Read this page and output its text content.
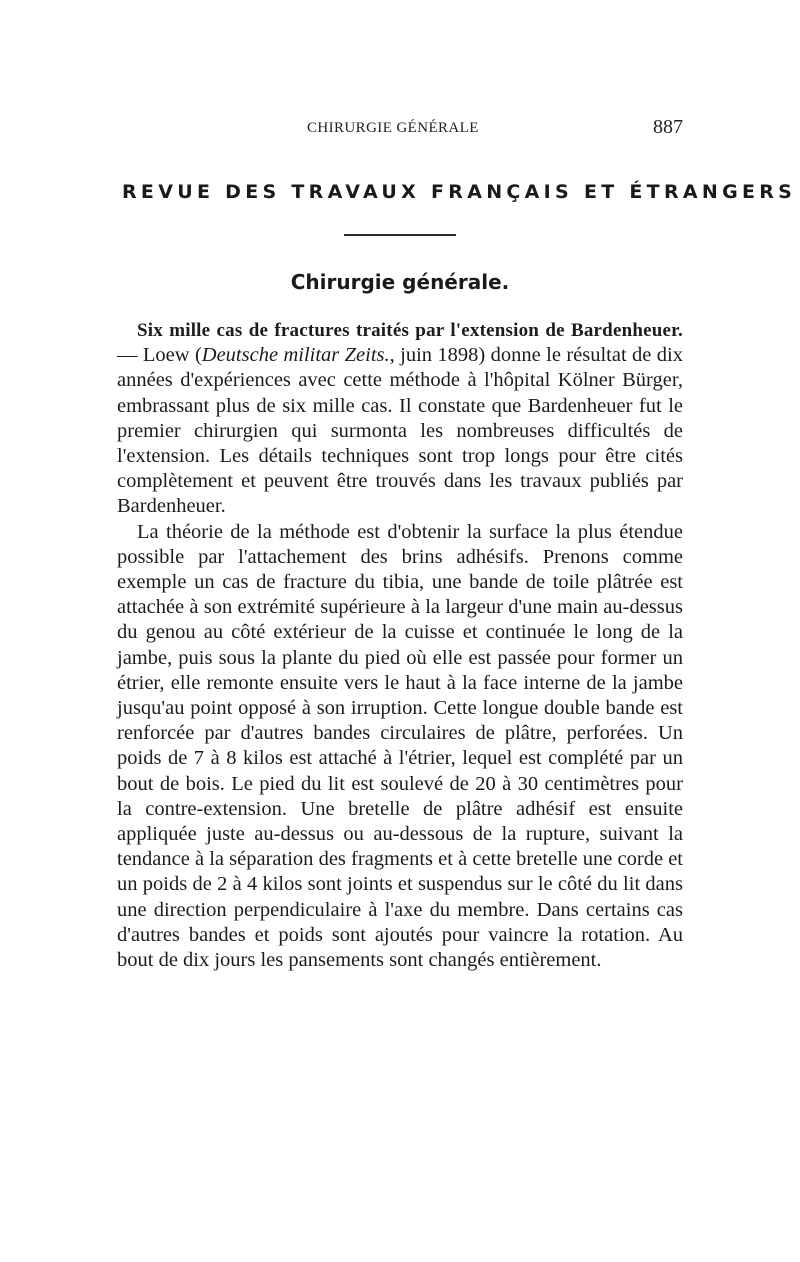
CHIRURGIE GÉNÉRALE	887
REVUE DES TRAVAUX FRANÇAIS ET ÉTRANGERS
Chirurgie générale.

Six mille cas de fractures traités par l'extension de Bardenheuer. — Loew (Deutsche militar Zeits., juin 1898) donne le résultat de dix années d'expériences avec cette méthode à l'hôpital Kölner Bürger, embrassant plus de six mille cas. Il constate que Bardenheuer fut le premier chirurgien qui surmonta les nombreuses difficultés de l'extension. Les détails techniques sont trop longs pour être cités complètement et peuvent être trouvés dans les travaux publiés par Bardenheuer.

La théorie de la méthode est d'obtenir la surface la plus étendue possible par l'attachement des brins adhésifs. Prenons comme exemple un cas de fracture du tibia, une bande de toile plâtrée est attachée à son extrémité supérieure à la largeur d'une main au-dessus du genou au côté extérieur de la cuisse et continuée le long de la jambe, puis sous la plante du pied où elle est passée pour former un étrier, elle remonte ensuite vers le haut à la face interne de la jambe jusqu'au point opposé à son irruption. Cette longue double bande est renforcée par d'autres bandes circulaires de plâtre, perforées. Un poids de 7 à 8 kilos est attaché à l'étrier, lequel est complété par un bout de bois. Le pied du lit est soulevé de 20 à 30 centimètres pour la contre-extension. Une bretelle de plâtre adhésif est ensuite appliquée juste au-dessus ou au-dessous de la rupture, suivant la tendance à la séparation des fragments et à cette bretelle une corde et un poids de 2 à 4 kilos sont joints et suspendus sur le côté du lit dans une direction perpendiculaire à l'axe du membre. Dans certains cas d'autres bandes et poids sont ajoutés pour vaincre la rotation. Au bout de dix jours les pansements sont changés entièrement.
